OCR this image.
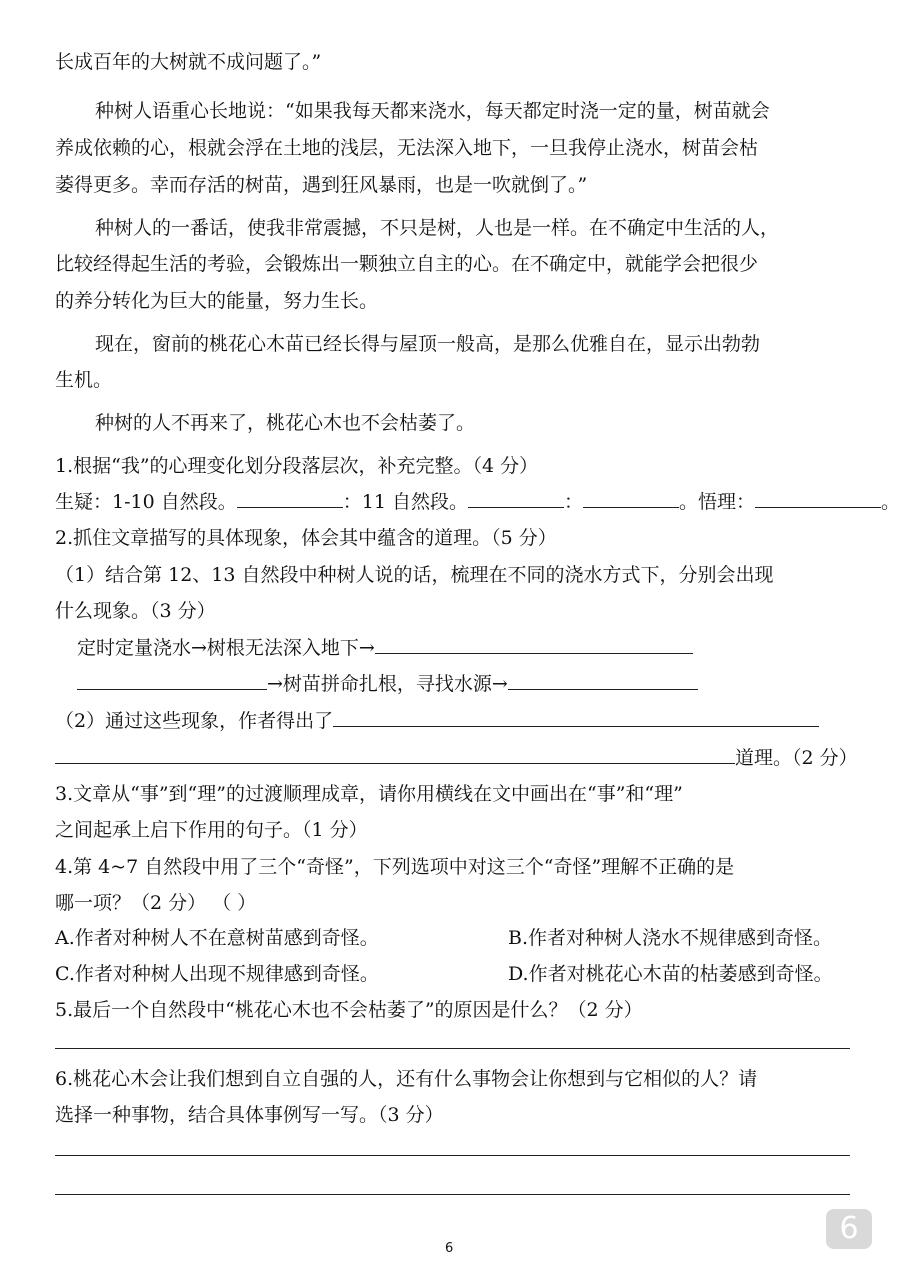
长成百年的大树就不成问题了。”
种树人语重心长地说：“如果我每天都来浇水，每天都定时浇一定的量，树苗就会
养成依赖的心，根就会浮在土地的浅层，无法深入地下，一旦我停止浇水，树苗会枯
萎得更多。幸而存活的树苗，遇到狂风暴雨，也是一吹就倒了。”
种树人的一番话，使我非常震撼，不只是树，人也是一样。在不确定中生活的人，
比较经得起生活的考验，会锻炼出一颗独立自主的心。在不确定中，就能学会把很少
的养分转化为巨大的能量，努力生长。
现在，窗前的桃花心木苗已经长得与屋顶一般高，是那么优雅自在，显示出勃勃
生机。
种树的人不再来了，桃花心木也不会枯萎了。
1.根据“我”的心理变化划分段落层次，补充完整。（4 分）
生疑：1-10 自然段。	：11 自然段。	：	。悟理：	。
2.抓住文章描写的具体现象，体会其中蕴含的道理。（5 分）
（1）结合第 12、13 自然段中种树人说的话，梳理在不同的浇水方式下，分别会出现
什么现象。（3 分）
定时定量浇水→树根无法深入地下→
→树苗拼命扎根，寻找水源→
（2）通过这些现象，作者得出了
道理。（2 分）
3.文章从“事”到“理”的过渡顺理成章，请你用横线在文中画出在“事”和“理”
之间起承上启下作用的句子。（1 分）
4.第 4~7 自然段中用了三个“奇怪”，下列选项中对这三个“奇怪”理解不正确的是
哪一项？（2 分） （ ）
A.作者对种树人不在意树苗感到奇怪。	B.作者对种树人浇水不规律感到奇怪。
C.作者对种树人出现不规律感到奇怪。	D.作者对桃花心木苗的枯萎感到奇怪。
5.最后一个自然段中“桃花心木也不会枯萎了”的原因是什么？（2 分）
6.桃花心木会让我们想到自立自强的人，还有什么事物会让你想到与它相似的人？请
选择一种事物，结合具体事例写一写。（3 分）
6
6
